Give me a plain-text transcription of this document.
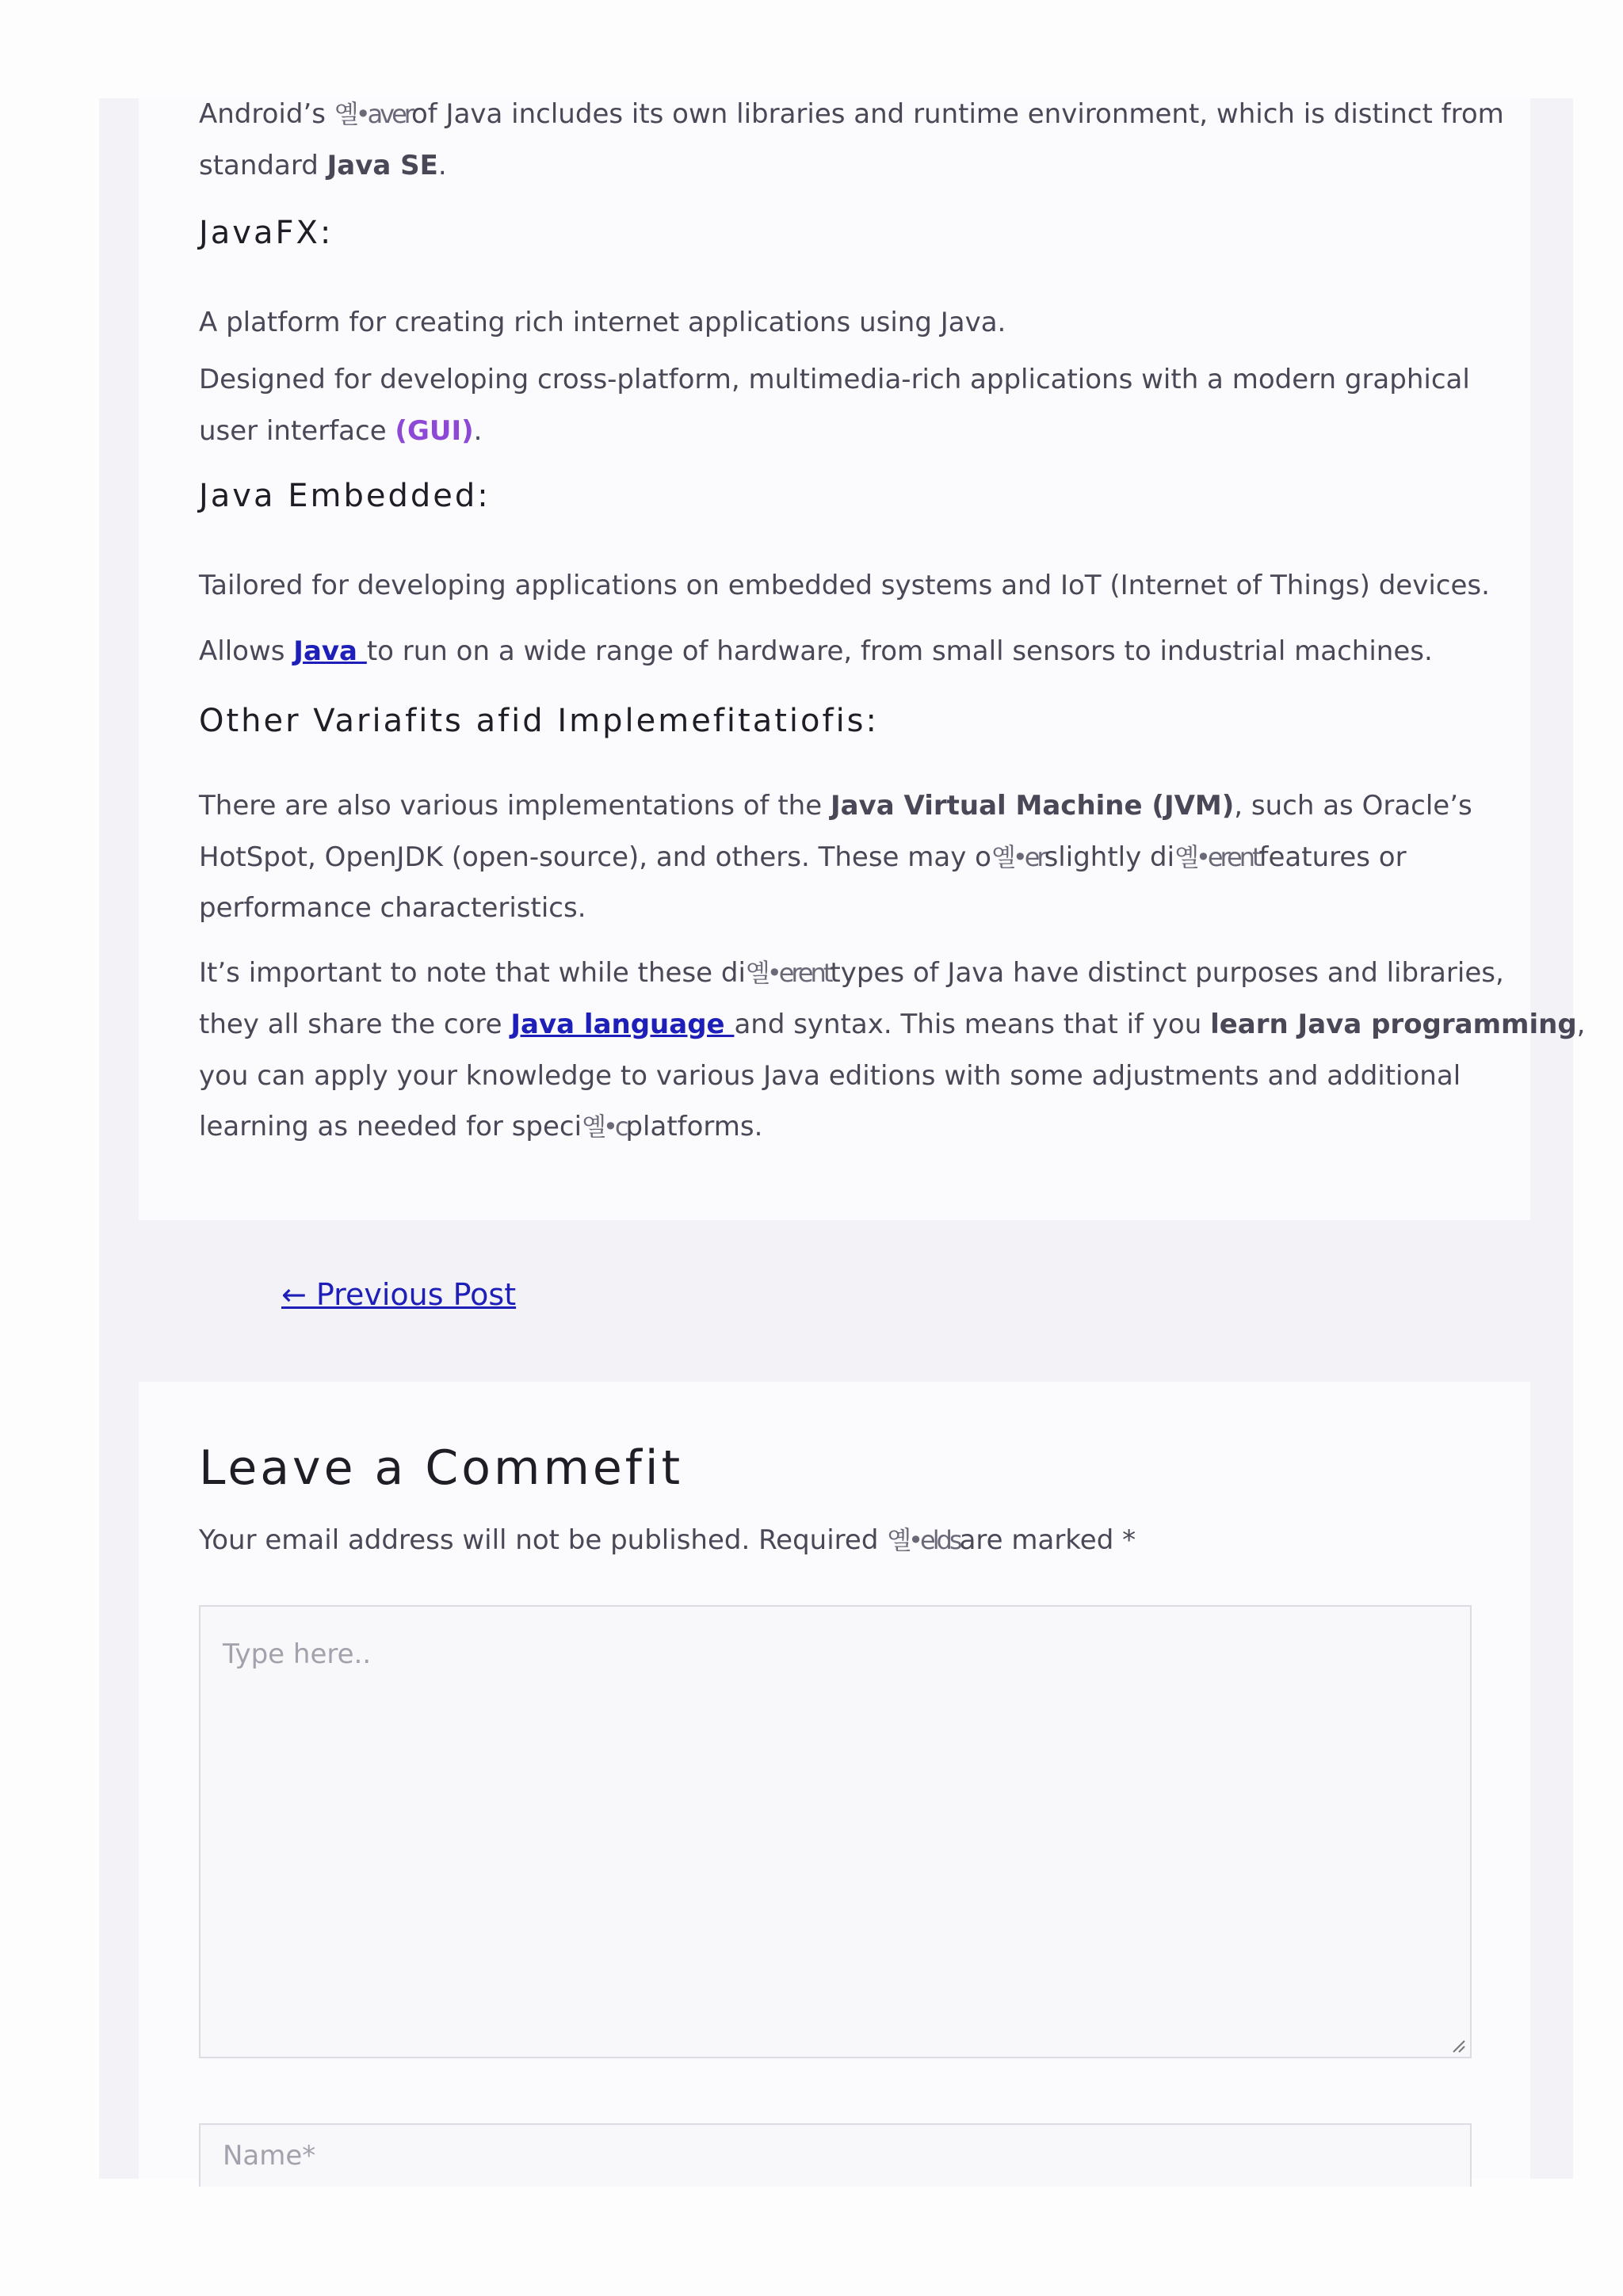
Android’s 옐•averof Java includes its own libraries and runtime environment, which is distinct from
standard Java SE.
JavaFX:
A platform for creating rich internet applications using Java.
Designed for developing cross-platform, multimedia-rich applications with a modern graphical
user interface (GUI).
Java Embedded:
Tailored for developing applications on embedded systems and IoT (Internet of Things) devices.
Allows Java to run on a wide range of hardware, from small sensors to industrial machines.
Other Variafits afid Implemefitatiofis:
There are also various implementations of the Java Virtual Machine (JVM), such as Oracle’s
HotSpot, OpenJDK (open-source), and others. These may o옐•erslightly di옐•erentfeatures or
performance characteristics.
It’s important to note that while these di옐•erenttypes of Java have distinct purposes and libraries,
they all share the core Java language and syntax. This means that if you learn Java programming,
you can apply your knowledge to various Java editions with some adjustments and additional
learning as needed for speci옐•cplatforms.
← Previous Post
Leave a Commefit
Your email address will not be published. Required 옐•eldsare marked *
Type here..
Name*
